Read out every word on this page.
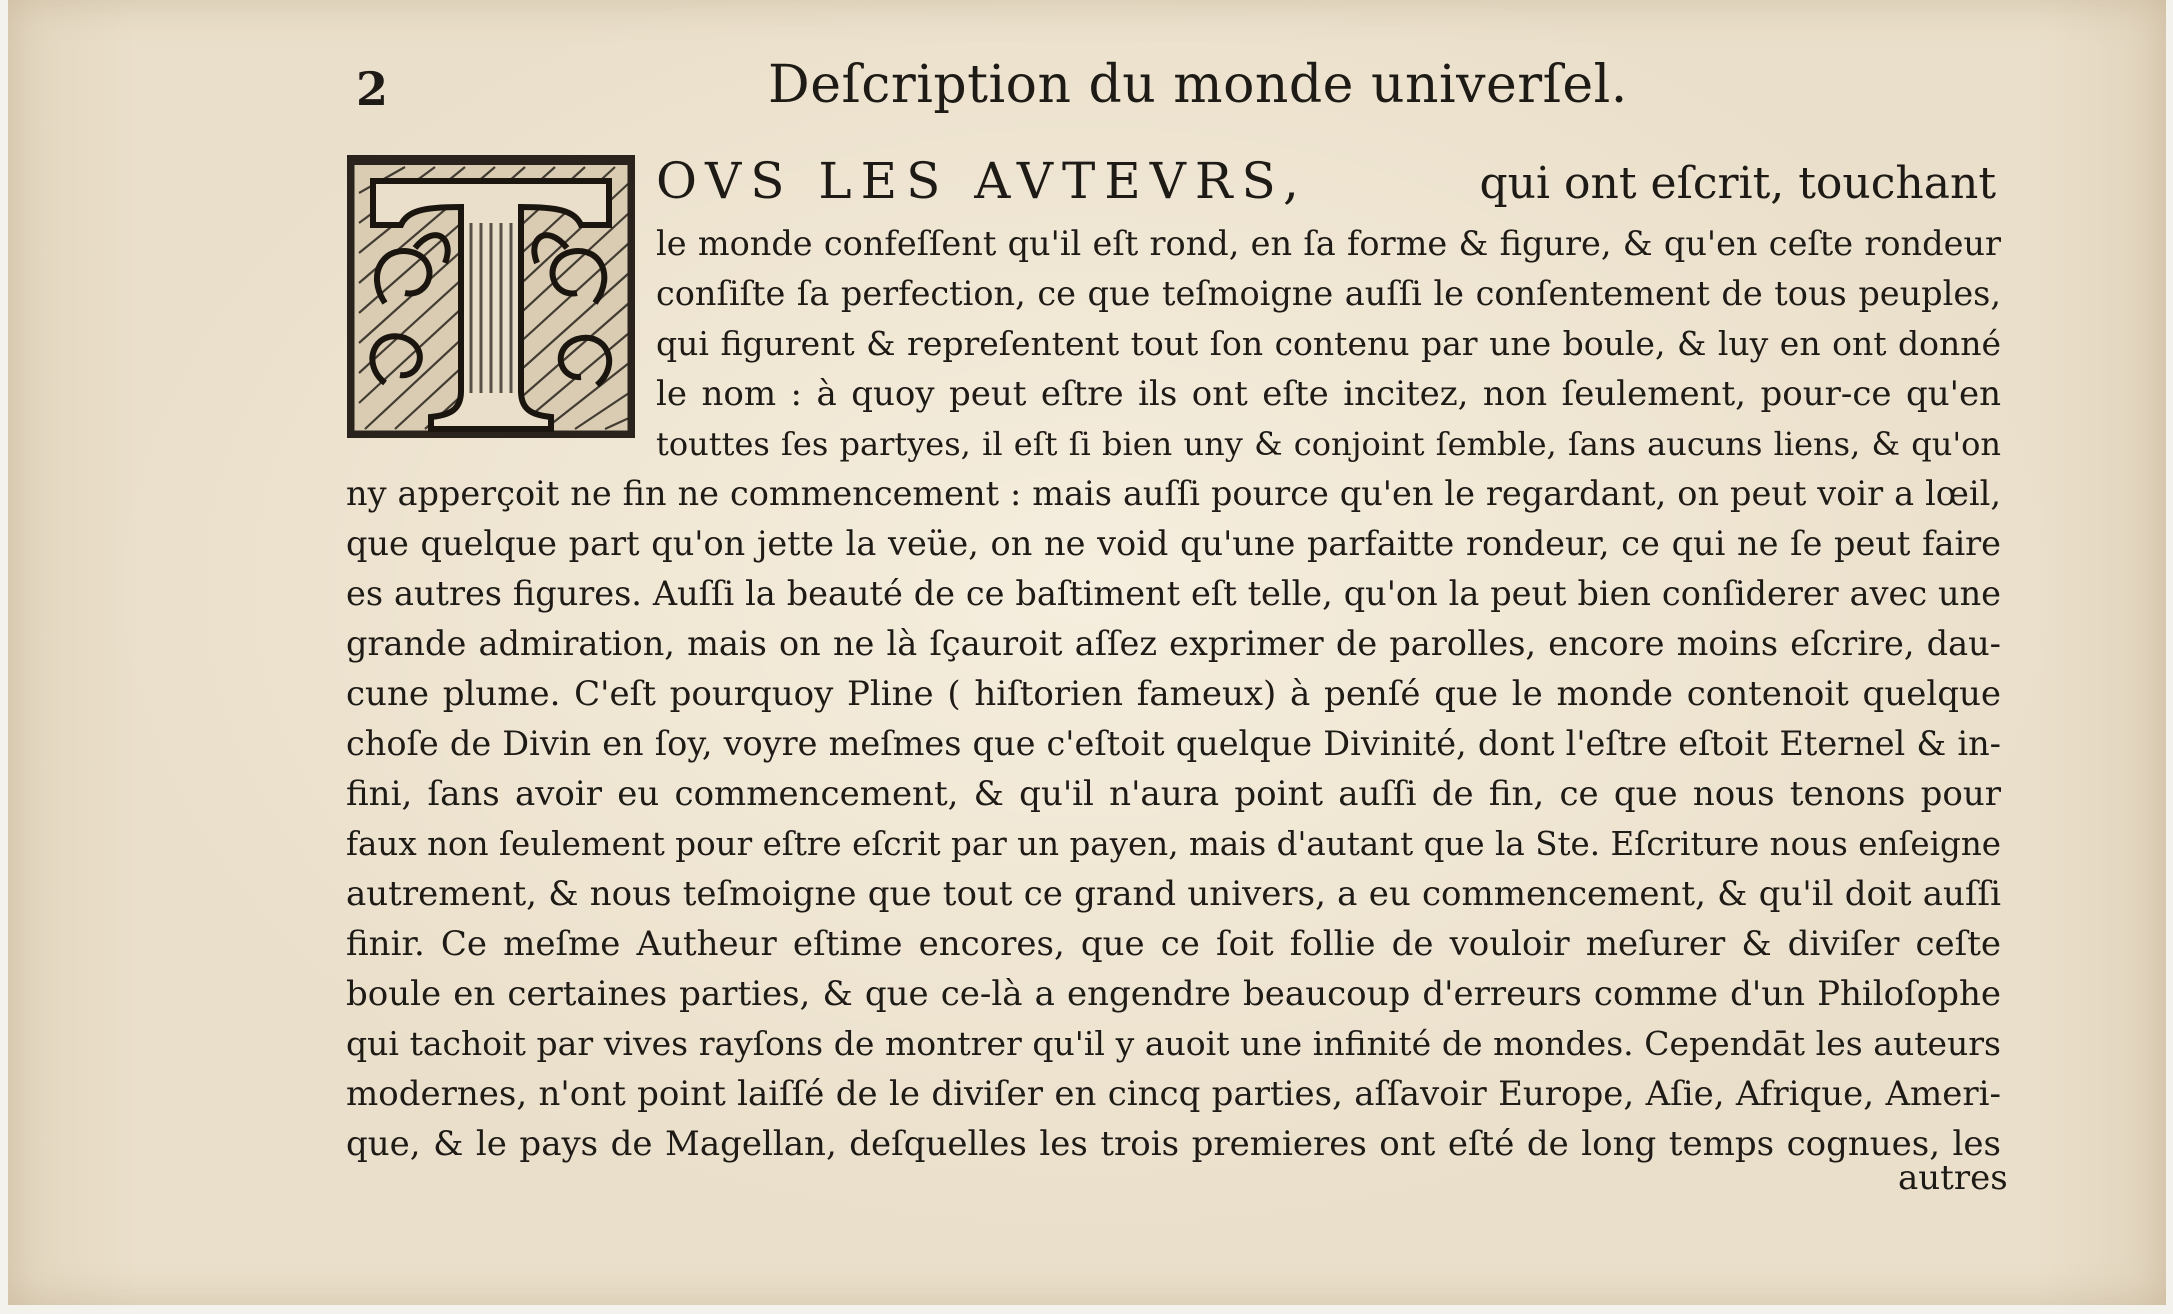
2	Deſcription du monde univerſel.
OVS LES AVTEVRS,	qui ont eſcrit, touchant
le monde confeſſent qu'il eſt rond, en ſa forme & figure, & qu'en ceſte rondeur
conſiſte ſa perfection, ce que teſmoigne auſſi le conſentement de tous peuples,
qui figurent & repreſentent tout ſon contenu par une boule, & luy en ont donné
le nom : à quoy peut eſtre ils ont eſte incitez, non ſeulement, pour-ce qu'en
touttes ſes partyes, il eſt ſi bien uny & conjoint ſemble, ſans aucuns liens, & qu'on
ny apperçoit ne fin ne commencement : mais auſſi pource qu'en le regardant, on peut voir a lœil,
que quelque part qu'on jette la veüe, on ne void qu'une parfaitte rondeur, ce qui ne ſe peut faire
es autres figures. Auſſi la beauté de ce baſtiment eſt telle, qu'on la peut bien conſiderer avec une
grande admiration, mais on ne là ſçauroit aſſez exprimer de parolles, encore moins eſcrire, dau-
cune plume. C'eſt pourquoy Pline ( hiſtorien fameux) à penſé que le monde contenoit quelque
choſe de Divin en ſoy, voyre meſmes que c'eſtoit quelque Divinité, dont l'eſtre eſtoit Eternel & in-
fini, ſans avoir eu commencement, & qu'il n'aura point auſſi de fin, ce que nous tenons pour
faux non ſeulement pour eſtre eſcrit par un payen, mais d'autant que la Ste. Eſcriture nous enſeigne
autrement, & nous teſmoigne que tout ce grand univers, a eu commencement, & qu'il doit auſſi
finir. Ce meſme Autheur eſtime encores, que ce ſoit follie de vouloir meſurer & diviſer ceſte
boule en certaines parties, & que ce-là a engendre beaucoup d'erreurs comme d'un Philoſophe
qui tachoit par vives rayſons de montrer qu'il y auoit une infinité de mondes. Cependāt les auteurs
modernes, n'ont point laiſſé de le diviſer en cincq parties, aſſavoir Europe, Aſie, Afrique, Ameri-
que, & le pays de Magellan, deſquelles les trois premieres ont eſté de long temps cognues, les
autres
